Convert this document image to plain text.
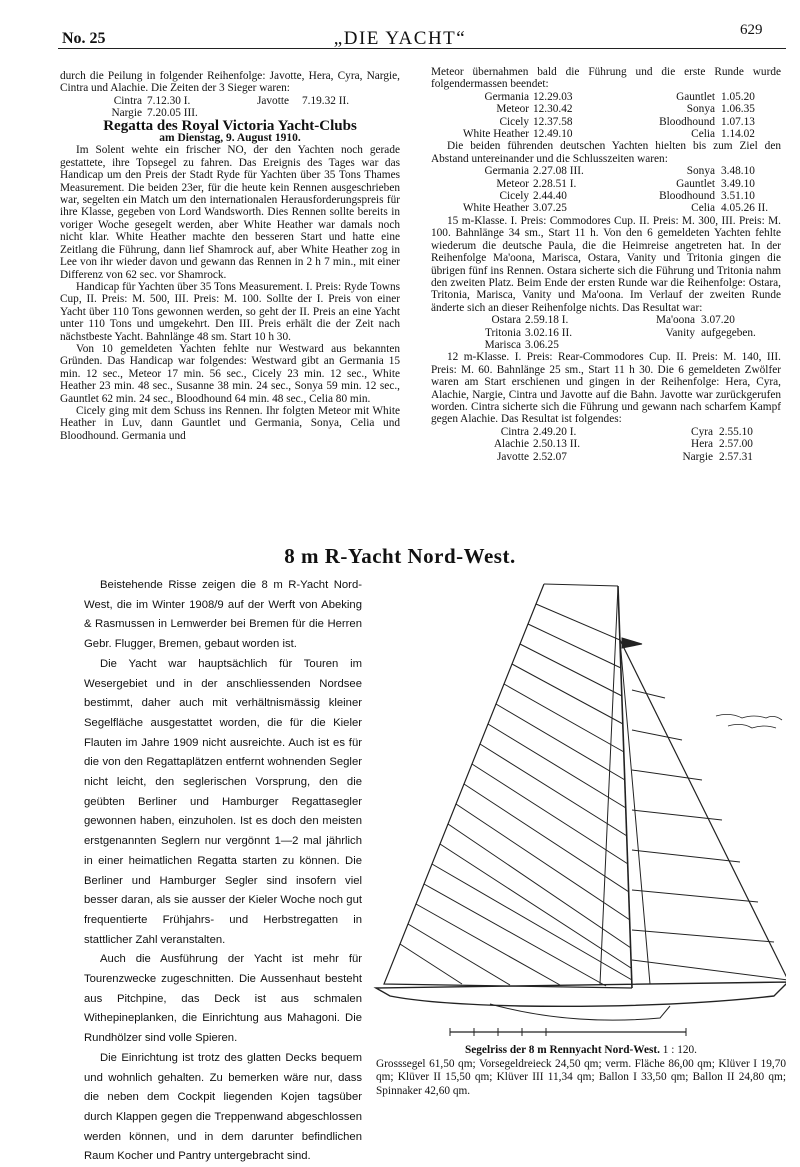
No. 25	„DIE YACHT“	629

durch die Peilung in folgender Reihenfolge: Javotte, Hera, Cyra, Nargie, Cintra und Alachie. Die Zeiten der 3 Sieger waren:

Cintra	7.12.30 I.	Javotte	7.19.32 II.
Nargie	7.20.05 III.		

Regatta des Royal Victoria Yacht-Clubs

am Dienstag, 9. August 1910.

Im Solent wehte ein frischer NO, der den Yachten noch gerade gestattete, ihre Topsegel zu fahren. Das Ereignis des Tages war das Handicap um den Preis der Stadt Ryde für Yachten über 35 Tons Thames Measurement. Die beiden 23er, für die heute kein Rennen ausgeschrieben war, segelten ein Match um den internationalen Herausforderungspreis für ihre Klasse, gegeben von Lord Wandsworth. Dies Rennen sollte bereits in voriger Woche gesegelt werden, aber White Heather war damals noch nicht klar. White Heather machte den besseren Start und hatte eine Zeitlang die Führung, dann lief Shamrock auf, aber White Heather zog in Lee von ihr wieder davon und gewann das Rennen in 2 h 7 min., mit einer Differenz von 62 sec. vor Shamrock.

Handicap für Yachten über 35 Tons Measurement. I. Preis: Ryde Towns Cup, II. Preis: M. 500, III. Preis: M. 100. Sollte der I. Preis von einer Yacht über 110 Tons gewonnen werden, so geht der II. Preis an eine Yacht unter 110 Tons und umgekehrt. Den III. Preis erhält die der Zeit nach nächstbeste Yacht. Bahnlänge 48 sm. Start 10 h 30.

Von 10 gemeldeten Yachten fehlte nur Westward aus bekannten Gründen. Das Handicap war folgendes: Westward gibt an Germania 15 min. 12 sec., Meteor 17 min. 56 sec., Cicely 23 min. 12 sec., White Heather 23 min. 48 sec., Susanne 38 min. 24 sec., Sonya 59 min. 12 sec., Gauntlet 62 min. 24 sec., Bloodhound 64 min. 48 sec., Celia 80 min.

Cicely ging mit dem Schuss ins Rennen. Ihr folgten Meteor mit White Heather in Luv, dann Gauntlet und Germania, Sonya, Celia und Bloodhound. Germania und

Meteor übernahmen bald die Führung und die erste Runde wurde folgendermassen beendet:

Germania	12.29.03	Gauntlet	1.05.20
Meteor	12.30.42	Sonya	1.06.35
Cicely	12.37.58	Bloodhound	1.07.13
White Heather	12.49.10	Celia	1.14.02

Die beiden führenden deutschen Yachten hielten bis zum Ziel den Abstand untereinander und die Schlusszeiten waren:

Germania	2.27.08 III.	Sonya	3.48.10
Meteor	2.28.51 I.	Gauntlet	3.49.10
Cicely	2.44.40	Bloodhound	3.51.10
White Heather	3.07.25	Celia	4.05.26 II.

15 m-Klasse. I. Preis: Commodores Cup. II. Preis: M. 300, III. Preis: M. 100. Bahnlänge 34 sm., Start 11 h. Von den 6 gemeldeten Yachten fehlte wiederum die deutsche Paula, die die Heimreise angetreten hat. In der Reihenfolge Ma'oona, Marisca, Ostara, Vanity und Tritonia gingen die übrigen fünf ins Rennen. Ostara sicherte sich die Führung und Tritonia nahm den zweiten Platz. Beim Ende der ersten Runde war die Reihenfolge: Ostara, Tritonia, Marisca, Vanity und Ma'oona. Im Verlauf der zweiten Runde änderte sich an dieser Reihenfolge nichts. Das Resultat war:

Ostara	2.59.18 I.	Ma'oona	3.07.20
Tritonia	3.02.16 II.	Vanity	aufgegeben.
Marisca	3.06.25		

12 m-Klasse. I. Preis: Rear-Commodores Cup. II. Preis: M. 140, III. Preis: M. 60. Bahnlänge 25 sm., Start 11 h 30. Die 6 gemeldeten Zwölfer waren am Start erschienen und gingen in der Reihenfolge: Hera, Cyra, Alachie, Nargie, Cintra und Javotte auf die Bahn. Javotte war zurückgerufen worden. Cintra sicherte sich die Führung und gewann nach scharfem Kampf gegen Alachie. Das Resultat ist folgendes:

Cintra	2.49.20 I.	Cyra	2.55.10
Alachie	2.50.13 II.	Hera	2.57.00
Javotte	2.52.07	Nargie	2.57.31
8 m R-Yacht Nord-West.

Beistehende Risse zeigen die 8 m R-Yacht Nord-West, die im Winter 1908/9 auf der Werft von Abeking & Rasmussen in Lemwerder bei Bremen für die Herren Gebr. Flugger, Bremen, gebaut worden ist.

Die Yacht war hauptsächlich für Touren im Wesergebiet und in der anschliessenden Nordsee bestimmt, daher auch mit verhältnismässig kleiner Segelfläche ausgestattet worden, die für die Kieler Flauten im Jahre 1909 nicht ausreichte. Auch ist es für die von den Regattaplätzen entfernt wohnenden Segler nicht leicht, den seglerischen Vorsprung, den die geübten Berliner und Hamburger Regattasegler gewonnen haben, einzuholen. Ist es doch den meisten erstgenannten Seglern nur vergönnt 1—2 mal jährlich in einer heimatlichen Regatta starten zu können. Die Berliner und Hamburger Segler sind insofern viel besser daran, als sie ausser der Kieler Woche noch gut frequentierte Frühjahrs- und Herbstregatten in stattlicher Zahl veranstalten.

Auch die Ausführung der Yacht ist mehr für Tourenzwecke zugeschnitten. Die Aussenhaut besteht aus Pitchpine, das Deck ist aus schmalen Withepineplanken, die Einrichtung aus Mahagoni. Die Rundhölzer sind volle Spieren.

Die Einrichtung ist trotz des glatten Decks bequem und wohnlich gehalten. Zu bemerken wäre nur, dass die neben dem Cockpit liegenden Kojen tagsüber durch Klappen gegen die Treppenwand abgeschlossen werden können, und in dem darunter befindlichen Raum Kocher und Pantry untergebracht sind.

Segelriss der 8 m Rennyacht Nord-West. 1 : 120.
Grosssegel 61,50 qm; Vorsegeldreieck 24,50 qm; verm. Fläche 86,00 qm; Klüver I 19,70 qm; Klüver II 15,50 qm; Klüver III 11,34 qm; Ballon I 33,50 qm; Ballon II 24,80 qm; Spinnaker 42,60 qm.
